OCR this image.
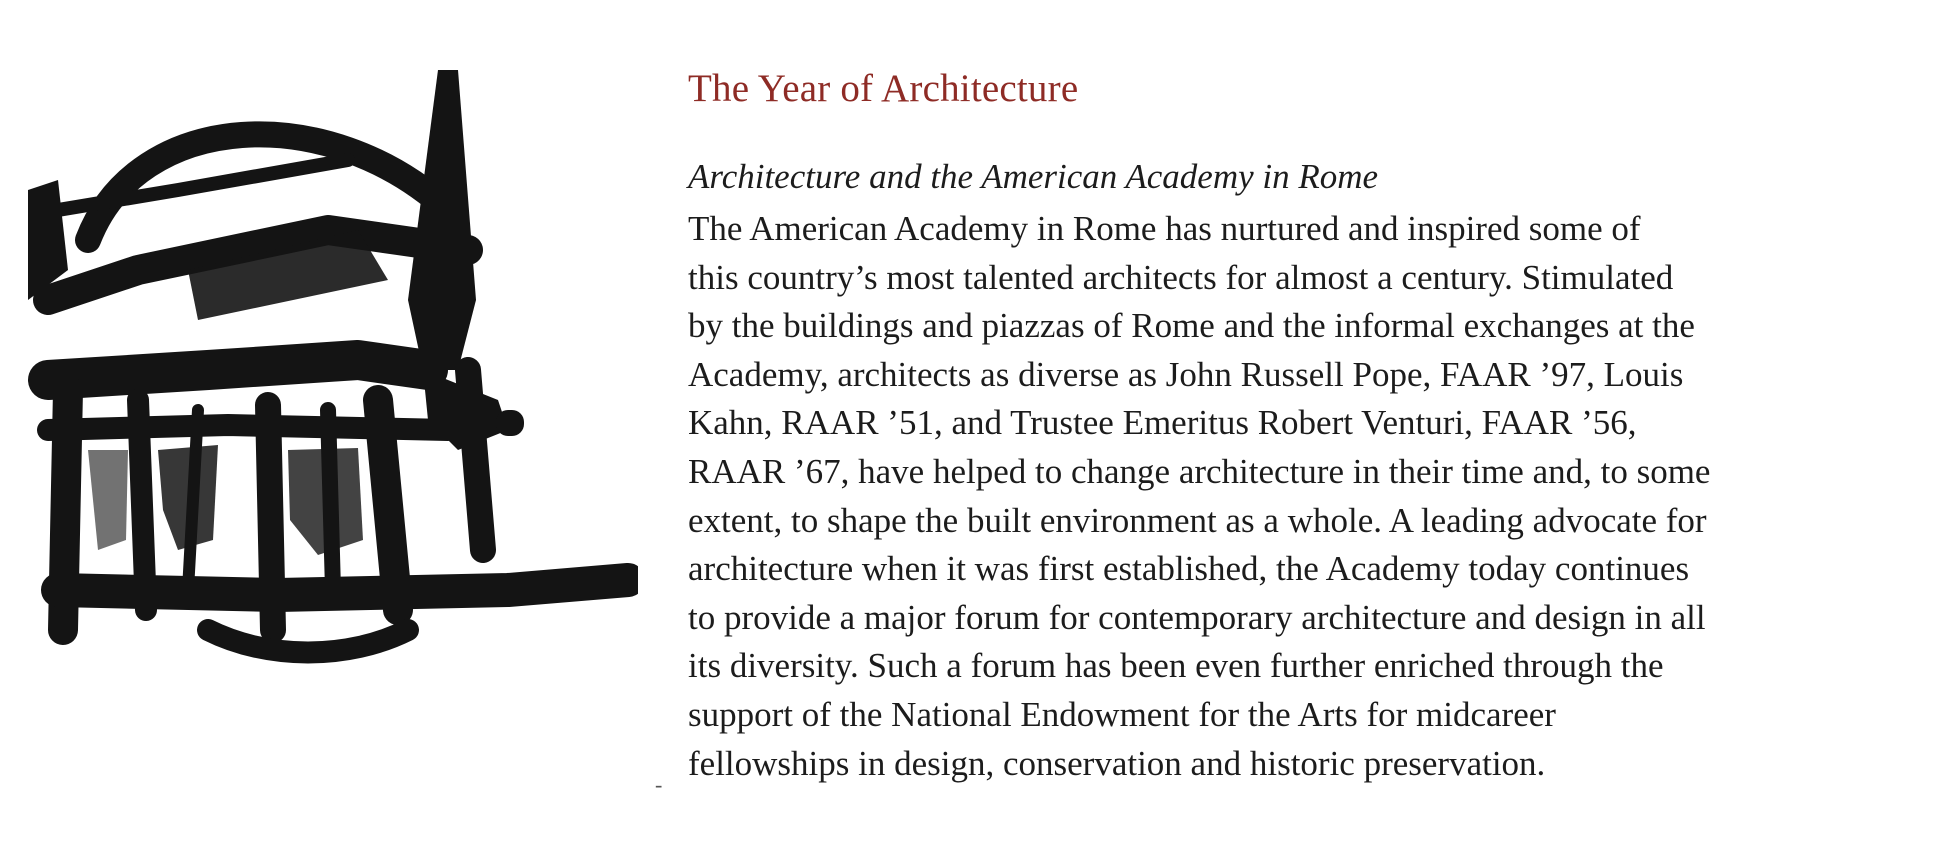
The Year of Architecture
Architecture and the American Academy in Rome
The American Academy in Rome has nurtured and inspired some of
this country’s most talented architects for almost a century. Stimulated
by the buildings and piazzas of Rome and the informal exchanges at the
Academy, architects as diverse as John Russell Pope, FAAR ’97, Louis
Kahn, RAAR ’51, and Trustee Emeritus Robert Venturi, FAAR ’56,
RAAR ’67, have helped to change architecture in their time and, to some
extent, to shape the built environment as a whole. A leading advocate for
architecture when it was first established, the Academy today continues
to provide a major forum for contemporary architecture and design in all
its diversity. Such a forum has been even further enriched through the
support of the National Endowment for the Arts for midcareer
fellowships in design, conservation and historic preservation.
-
